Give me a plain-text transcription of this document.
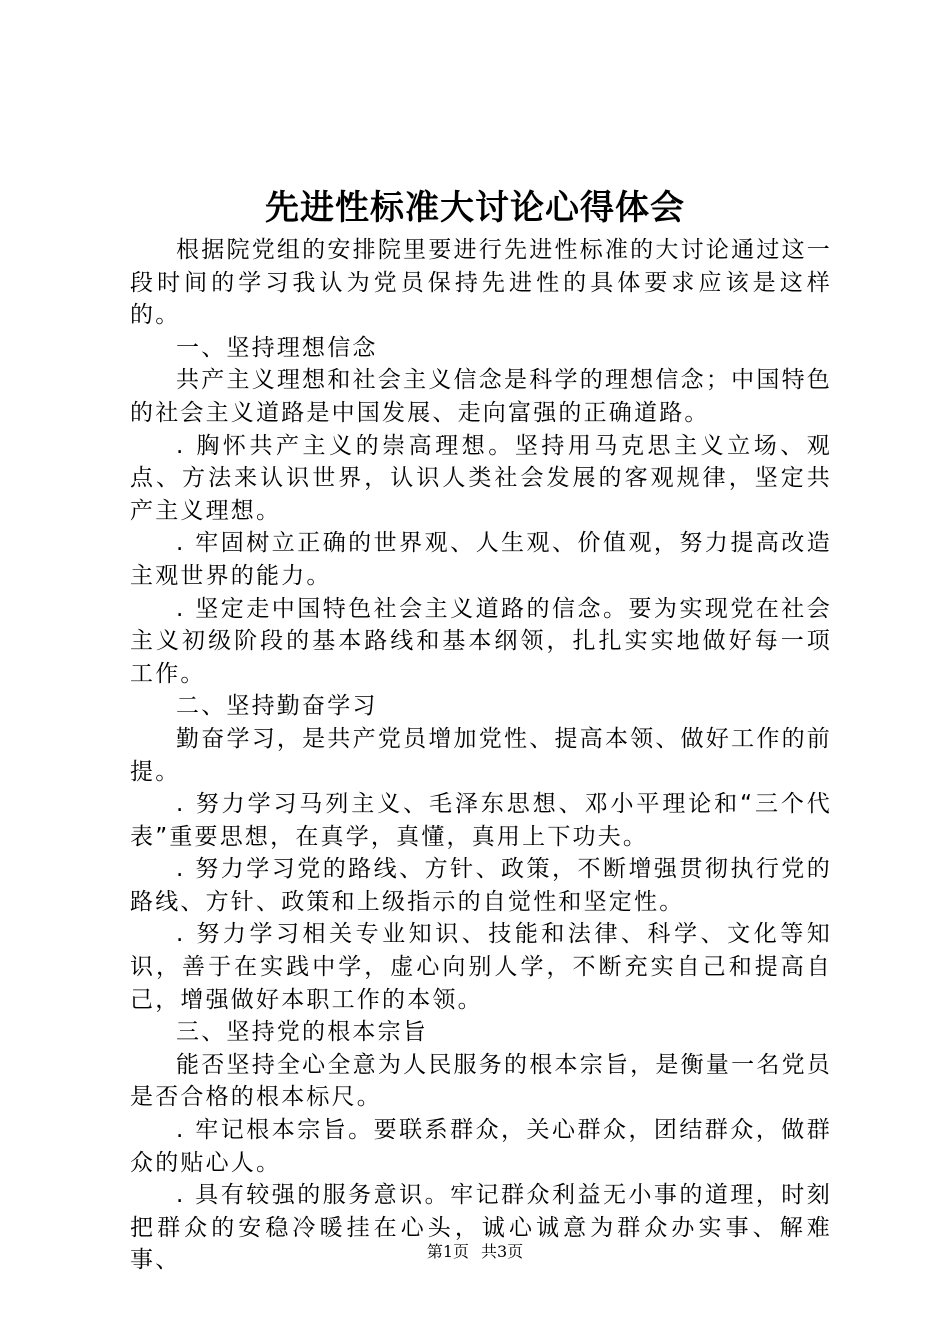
先进性标准大讨论心得体会

根据院党组的安排院里要进行先进性标准的大讨论通过这一段时间的学习我认为党员保持先进性的具体要求应该是这样的。

一、坚持理想信念

共产主义理想和社会主义信念是科学的理想信念；中国特色的社会主义道路是中国发展、走向富强的正确道路。

. 胸怀共产主义的崇高理想。坚持用马克思主义立场、观点、方法来认识世界，认识人类社会发展的客观规律，坚定共产主义理想。

. 牢固树立正确的世界观、人生观、价值观，努力提高改造主观世界的能力。

. 坚定走中国特色社会主义道路的信念。要为实现党在社会主义初级阶段的基本路线和基本纲领，扎扎实实地做好每一项工作。

二、坚持勤奋学习

勤奋学习，是共产党员增加党性、提高本领、做好工作的前提。

. 努力学习马列主义、毛泽东思想、邓小平理论和“三个代表”重要思想，在真学，真懂，真用上下功夫。

. 努力学习党的路线、方针、政策，不断增强贯彻执行党的路线、方针、政策和上级指示的自觉性和坚定性。

. 努力学习相关专业知识、技能和法律、科学、文化等知识，善于在实践中学，虚心向别人学，不断充实自己和提高自己，增强做好本职工作的本领。

三、坚持党的根本宗旨

能否坚持全心全意为人民服务的根本宗旨，是衡量一名党员是否合格的根本标尺。

. 牢记根本宗旨。要联系群众，关心群众，团结群众，做群众的贴心人。

. 具有较强的服务意识。牢记群众利益无小事的道理，时刻把群众的安稳冷暖挂在心头，诚心诚意为群众办实事、解难事、	第1页 共3页
